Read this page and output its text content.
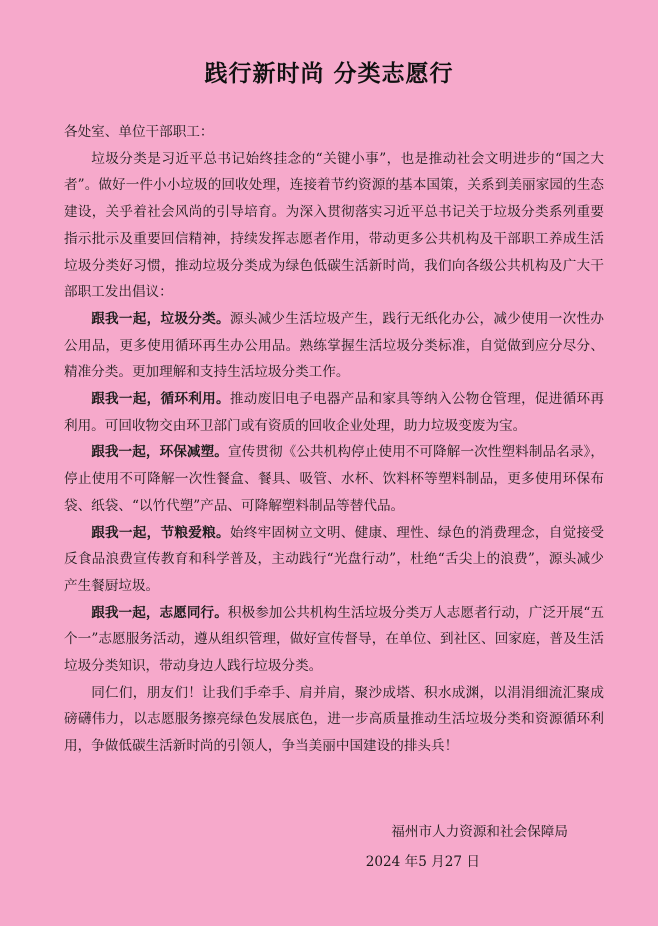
践行新时尚 分类志愿行

各处室、单位干部职工：

垃圾分类是习近平总书记始终挂念的“关键小事”，也是推动社会文明进步的“国之大者”。做好一件小小垃圾的回收处理，连接着节约资源的基本国策，关系到美丽家园的生态建设，关乎着社会风尚的引导培育。为深入贯彻落实习近平总书记关于垃圾分类系列重要指示批示及重要回信精神，持续发挥志愿者作用，带动更多公共机构及干部职工养成生活垃圾分类好习惯，推动垃圾分类成为绿色低碳生活新时尚，我们向各级公共机构及广大干部职工发出倡议：

跟我一起，垃圾分类。源头减少生活垃圾产生，践行无纸化办公，减少使用一次性办公用品，更多使用循环再生办公用品。熟练掌握生活垃圾分类标准，自觉做到应分尽分、精准分类。更加理解和支持生活垃圾分类工作。

跟我一起，循环利用。推动废旧电子电器产品和家具等纳入公物仓管理，促进循环再利用。可回收物交由环卫部门或有资质的回收企业处理，助力垃圾变废为宝。

跟我一起，环保减塑。宣传贯彻《公共机构停止使用不可降解一次性塑料制品名录》，停止使用不可降解一次性餐盒、餐具、吸管、水杯、饮料杯等塑料制品，更多使用环保布袋、纸袋、“以竹代塑”产品、可降解塑料制品等替代品。

跟我一起，节粮爱粮。始终牢固树立文明、健康、理性、绿色的消费理念，自觉接受反食品浪费宣传教育和科学普及，主动践行“光盘行动”，杜绝“舌尖上的浪费”，源头减少产生餐厨垃圾。

跟我一起，志愿同行。积极参加公共机构生活垃圾分类万人志愿者行动，广泛开展“五个一”志愿服务活动，遵从组织管理，做好宣传督导，在单位、到社区、回家庭，普及生活垃圾分类知识，带动身边人践行垃圾分类。

同仁们，朋友们！让我们手牵手、肩并肩，聚沙成塔、积水成渊，以涓涓细流汇聚成磅礴伟力，以志愿服务擦亮绿色发展底色，进一步高质量推动生活垃圾分类和资源循环利用，争做低碳生活新时尚的引领人，争当美丽中国建设的排头兵！

福州市人力资源和社会保障局
2024 年5 月27 日
